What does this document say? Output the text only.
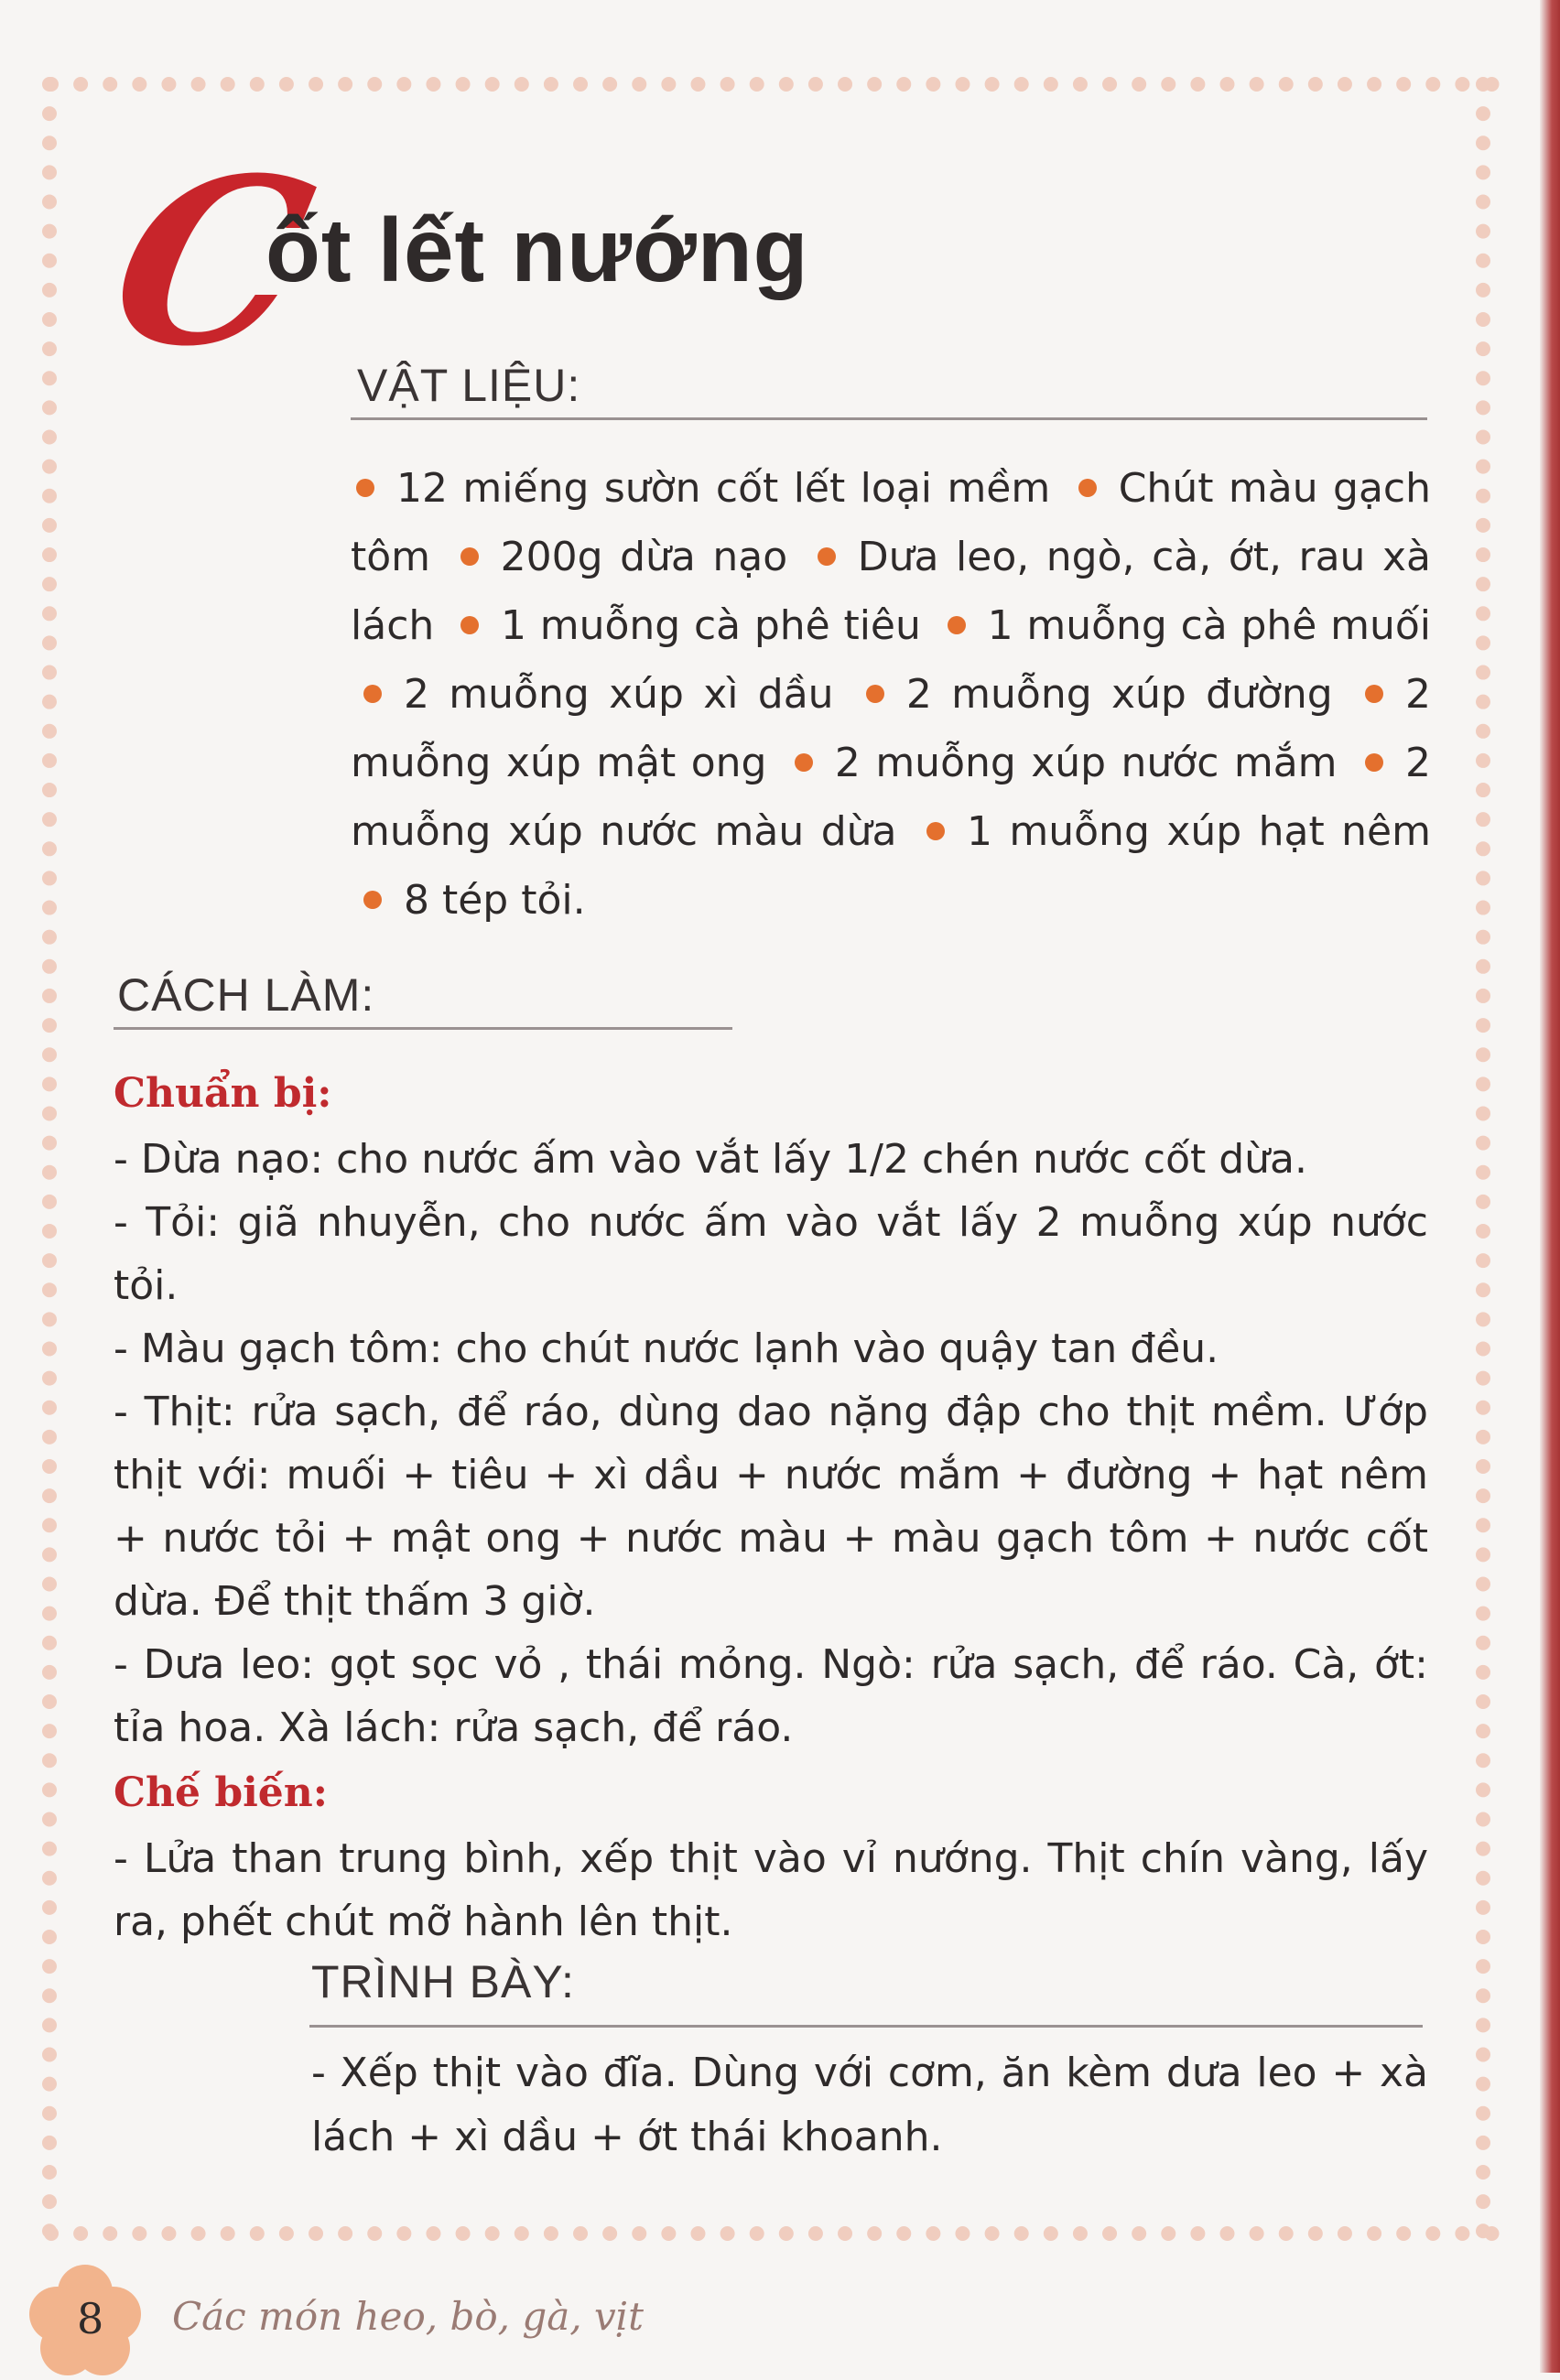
C
ốt lết nướng
VẬT LIỆU:
12 miếng sườn cốt lết loại mềm Chút màu gạch tôm 200g dừa nạo Dưa leo, ngò, cà, ớt, rau xà lách 1 muỗng cà phê tiêu 1 muỗng cà phê muối 2 muỗng xúp xì dầu 2 muỗng xúp đường 2 muỗng xúp mật ong 2 muỗng xúp nước mắm 2 muỗng xúp nước màu dừa 1 muỗng xúp hạt nêm 8 tép tỏi.
CÁCH LÀM:
Chuẩn bị:
- Dừa nạo: cho nước ấm vào vắt lấy 1/2 chén nước cốt dừa.
- Tỏi: giã nhuyễn, cho nước ấm vào vắt lấy 2 muỗng xúp nước tỏi.
- Màu gạch tôm: cho chút nước lạnh vào quậy tan đều.
- Thịt: rửa sạch, để ráo, dùng dao nặng đập cho thịt mềm. Ướp thịt với: muối + tiêu + xì dầu + nước mắm + đường + hạt nêm + nước tỏi + mật ong + nước màu + màu gạch tôm + nước cốt dừa. Để thịt thấm 3 giờ.
- Dưa leo: gọt sọc vỏ , thái mỏng. Ngò: rửa sạch, để ráo. Cà, ớt: tỉa hoa. Xà lách: rửa sạch, để ráo.
Chế biến:
- Lửa than trung bình, xếp thịt vào vỉ nướng. Thịt chín vàng, lấy ra, phết chút mỡ hành lên thịt.
TRÌNH BÀY:
- Xếp thịt vào đĩa. Dùng với cơm, ăn kèm dưa leo + xà lách + xì dầu + ớt thái khoanh.
8 Các món heo, bò, gà, vịt
